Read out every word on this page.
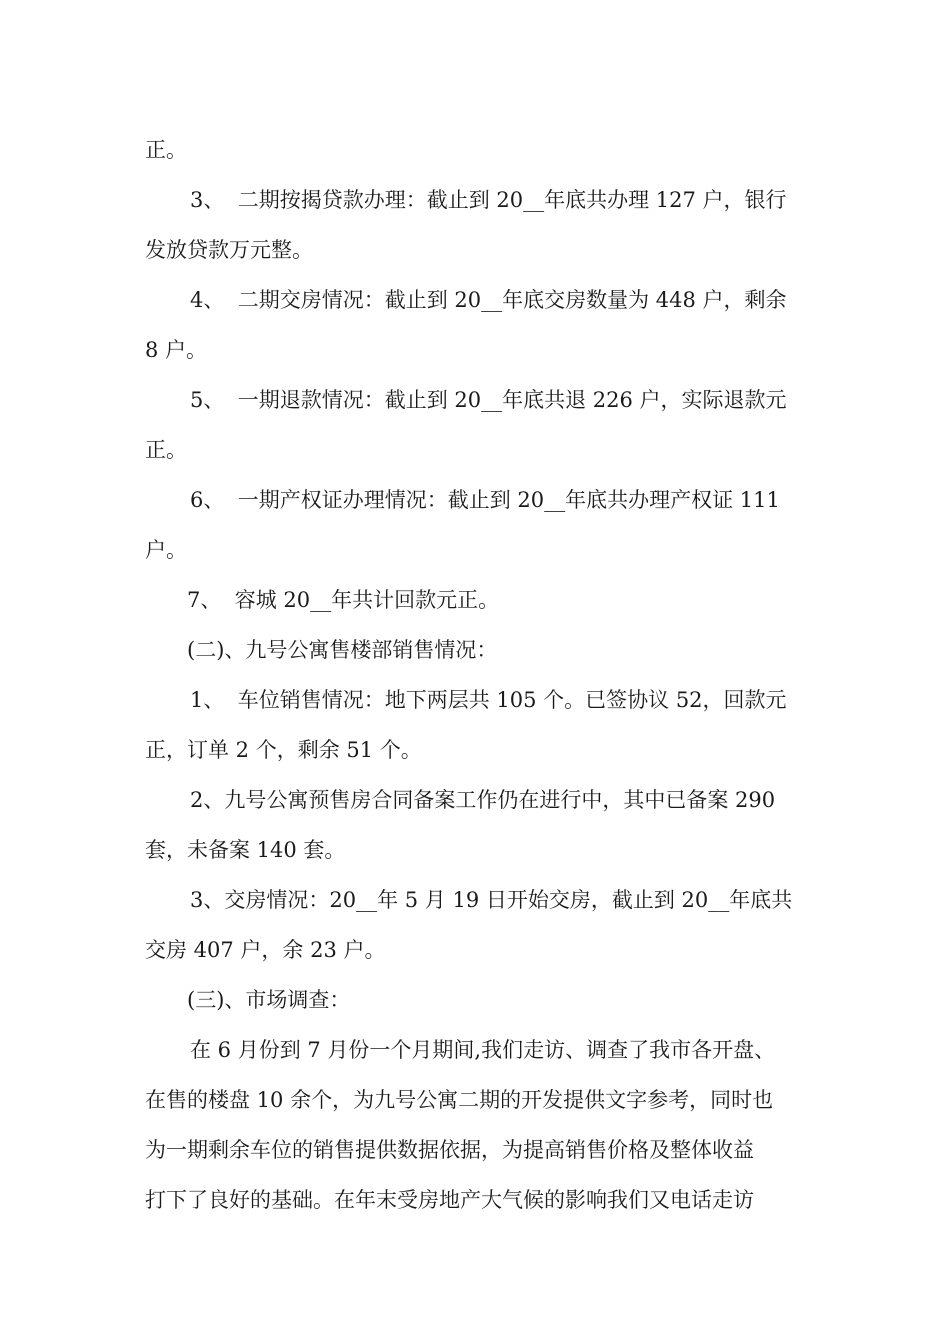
正。
3、  二期按揭贷款办理：截止到 20__年底共办理 127 户，银行
发放贷款万元整。
4、  二期交房情况：截止到 20__年底交房数量为 448 户，剩余
8 户。
5、  一期退款情况：截止到 20__年底共退 226 户，实际退款元
正。
6、  一期产权证办理情况：截止到 20__年底共办理产权证 111
户。
7、  容城 20__年共计回款元正。
(二)、九号公寓售楼部销售情况：
1、  车位销售情况：地下两层共 105 个。已签协议 52，回款元
正，订单 2 个，剩余 51 个。
2、九号公寓预售房合同备案工作仍在进行中，其中已备案 290
套，未备案 140 套。
3、交房情况：20__年 5 月 19 日开始交房，截止到 20__年底共
交房 407 户，余 23 户。
(三)、市场调查：
在 6 月份到 7 月份一个月期间,我们走访、调查了我市各开盘、
在售的楼盘 10 余个，为九号公寓二期的开发提供文字参考，同时也
为一期剩余车位的销售提供数据依据，为提高销售价格及整体收益
打下了良好的基础。在年末受房地产大气候的影响我们又电话走访
